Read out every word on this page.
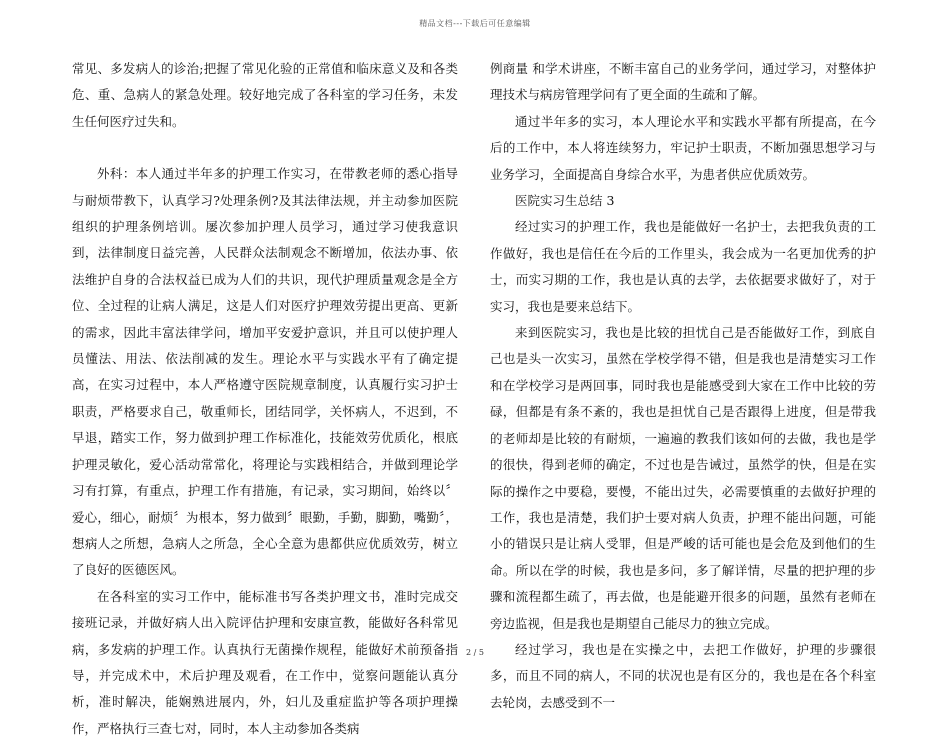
精品文档---下载后可任意编辑

常见、多发病人的诊治;把握了常见化验的正常值和临床意义及和各类危、重、急病人的紧急处理。较好地完成了各科室的学习任务，未发生任何医疗过失和。

外科：本人通过半年多的护理工作实习，在带教老师的悉心指导与耐烦带教下，认真学习?处理条例?及其法律法规，并主动参加医院组织的护理条例培训。屡次参加护理人员学习，通过学习使我意识到，法律制度日益完善，人民群众法制观念不断增加，依法办事、依法维护自身的合法权益已成为人们的共识，现代护理质量观念是全方位、全过程的让病人满足，这是人们对医疗护理效劳提出更高、更新的需求，因此丰富法律学问，增加平安爱护意识，并且可以使护理人员懂法、用法、依法削减的发生。理论水平与实践水平有了确定提高，在实习过程中，本人严格遵守医院规章制度，认真履行实习护士职责，严格要求自己，敬重师长，团结同学，关怀病人，不迟到，不早退，踏实工作，努力做到护理工作标准化，技能效劳优质化，根底护理灵敏化，爱心活动常常化，将理论与实践相结合，并做到理论学习有打算，有重点，护理工作有措施，有记录，实习期间，始终以〞爱心，细心，耐烦〞为根本，努力做到〞眼勤，手勤，脚勤，嘴勤〞，想病人之所想，急病人之所急，全心全意为患都供应优质效劳，树立了良好的医德医风。

在各科室的实习工作中，能标准书写各类护理文书，准时完成交接班记录，并做好病人出入院评估护理和安康宣教，能做好各科常见病，多发病的护理工作。认真执行无菌操作规程，能做好术前预备指导，并完成术中，术后护理及观看，在工作中，觉察问题能认真分析，准时解决，能娴熟进展内，外，妇儿及重症监护等各项护理操作，严格执行三查七对，同时，本人主动参加各类病

例商量 和学术讲座，不断丰富自己的业务学问，通过学习，对整体护理技术与病房管理学问有了更全面的生疏和了解。

通过半年多的实习，本人理论水平和实践水平都有所提高，在今后的工作中，本人将连续努力，牢记护士职责，不断加强思想学习与业务学习，全面提高自身综合水平，为患者供应优质效劳。

医院实习生总结 3

经过实习的护理工作，我也是能做好一名护士，去把我负责的工作做好，我也是信任在今后的工作里头，我会成为一名更加优秀的护士，而实习期的工作，我也是认真的去学，去依据要求做好了，对于实习，我也是要来总结下。

来到医院实习，我也是比较的担忧自己是否能做好工作，到底自己也是头一次实习，虽然在学校学得不错，但是我也是清楚实习工作和在学校学习是两回事，同时我也是能感受到大家在工作中比较的劳碌，但都是有条不紊的，我也是担忧自己是否跟得上进度，但是带我的老师却是比较的有耐烦，一遍遍的教我们该如何的去做，我也是学的很快，得到老师的确定，不过也是告诫过，虽然学的快，但是在实际的操作之中要稳，要慢，不能出过失，必需要慎重的去做好护理的工作，我也是清楚，我们护士要对病人负责，护理不能出问题，可能小的错误只是让病人受罪，但是严峻的话可能也是会危及到他们的生命。所以在学的时候，我也是多问，多了解详情，尽量的把护理的步骤和流程都生疏了，再去做，也是能避开很多的问题，虽然有老师在旁边监视，但是我也是期望自己能尽力的独立完成。

经过学习，我也是在实操之中，去把工作做好，护理的步骤很多，而且不同的病人，不同的状况也是有区分的，我也是在各个科室去轮岗，去感受到不一

2 / 5
